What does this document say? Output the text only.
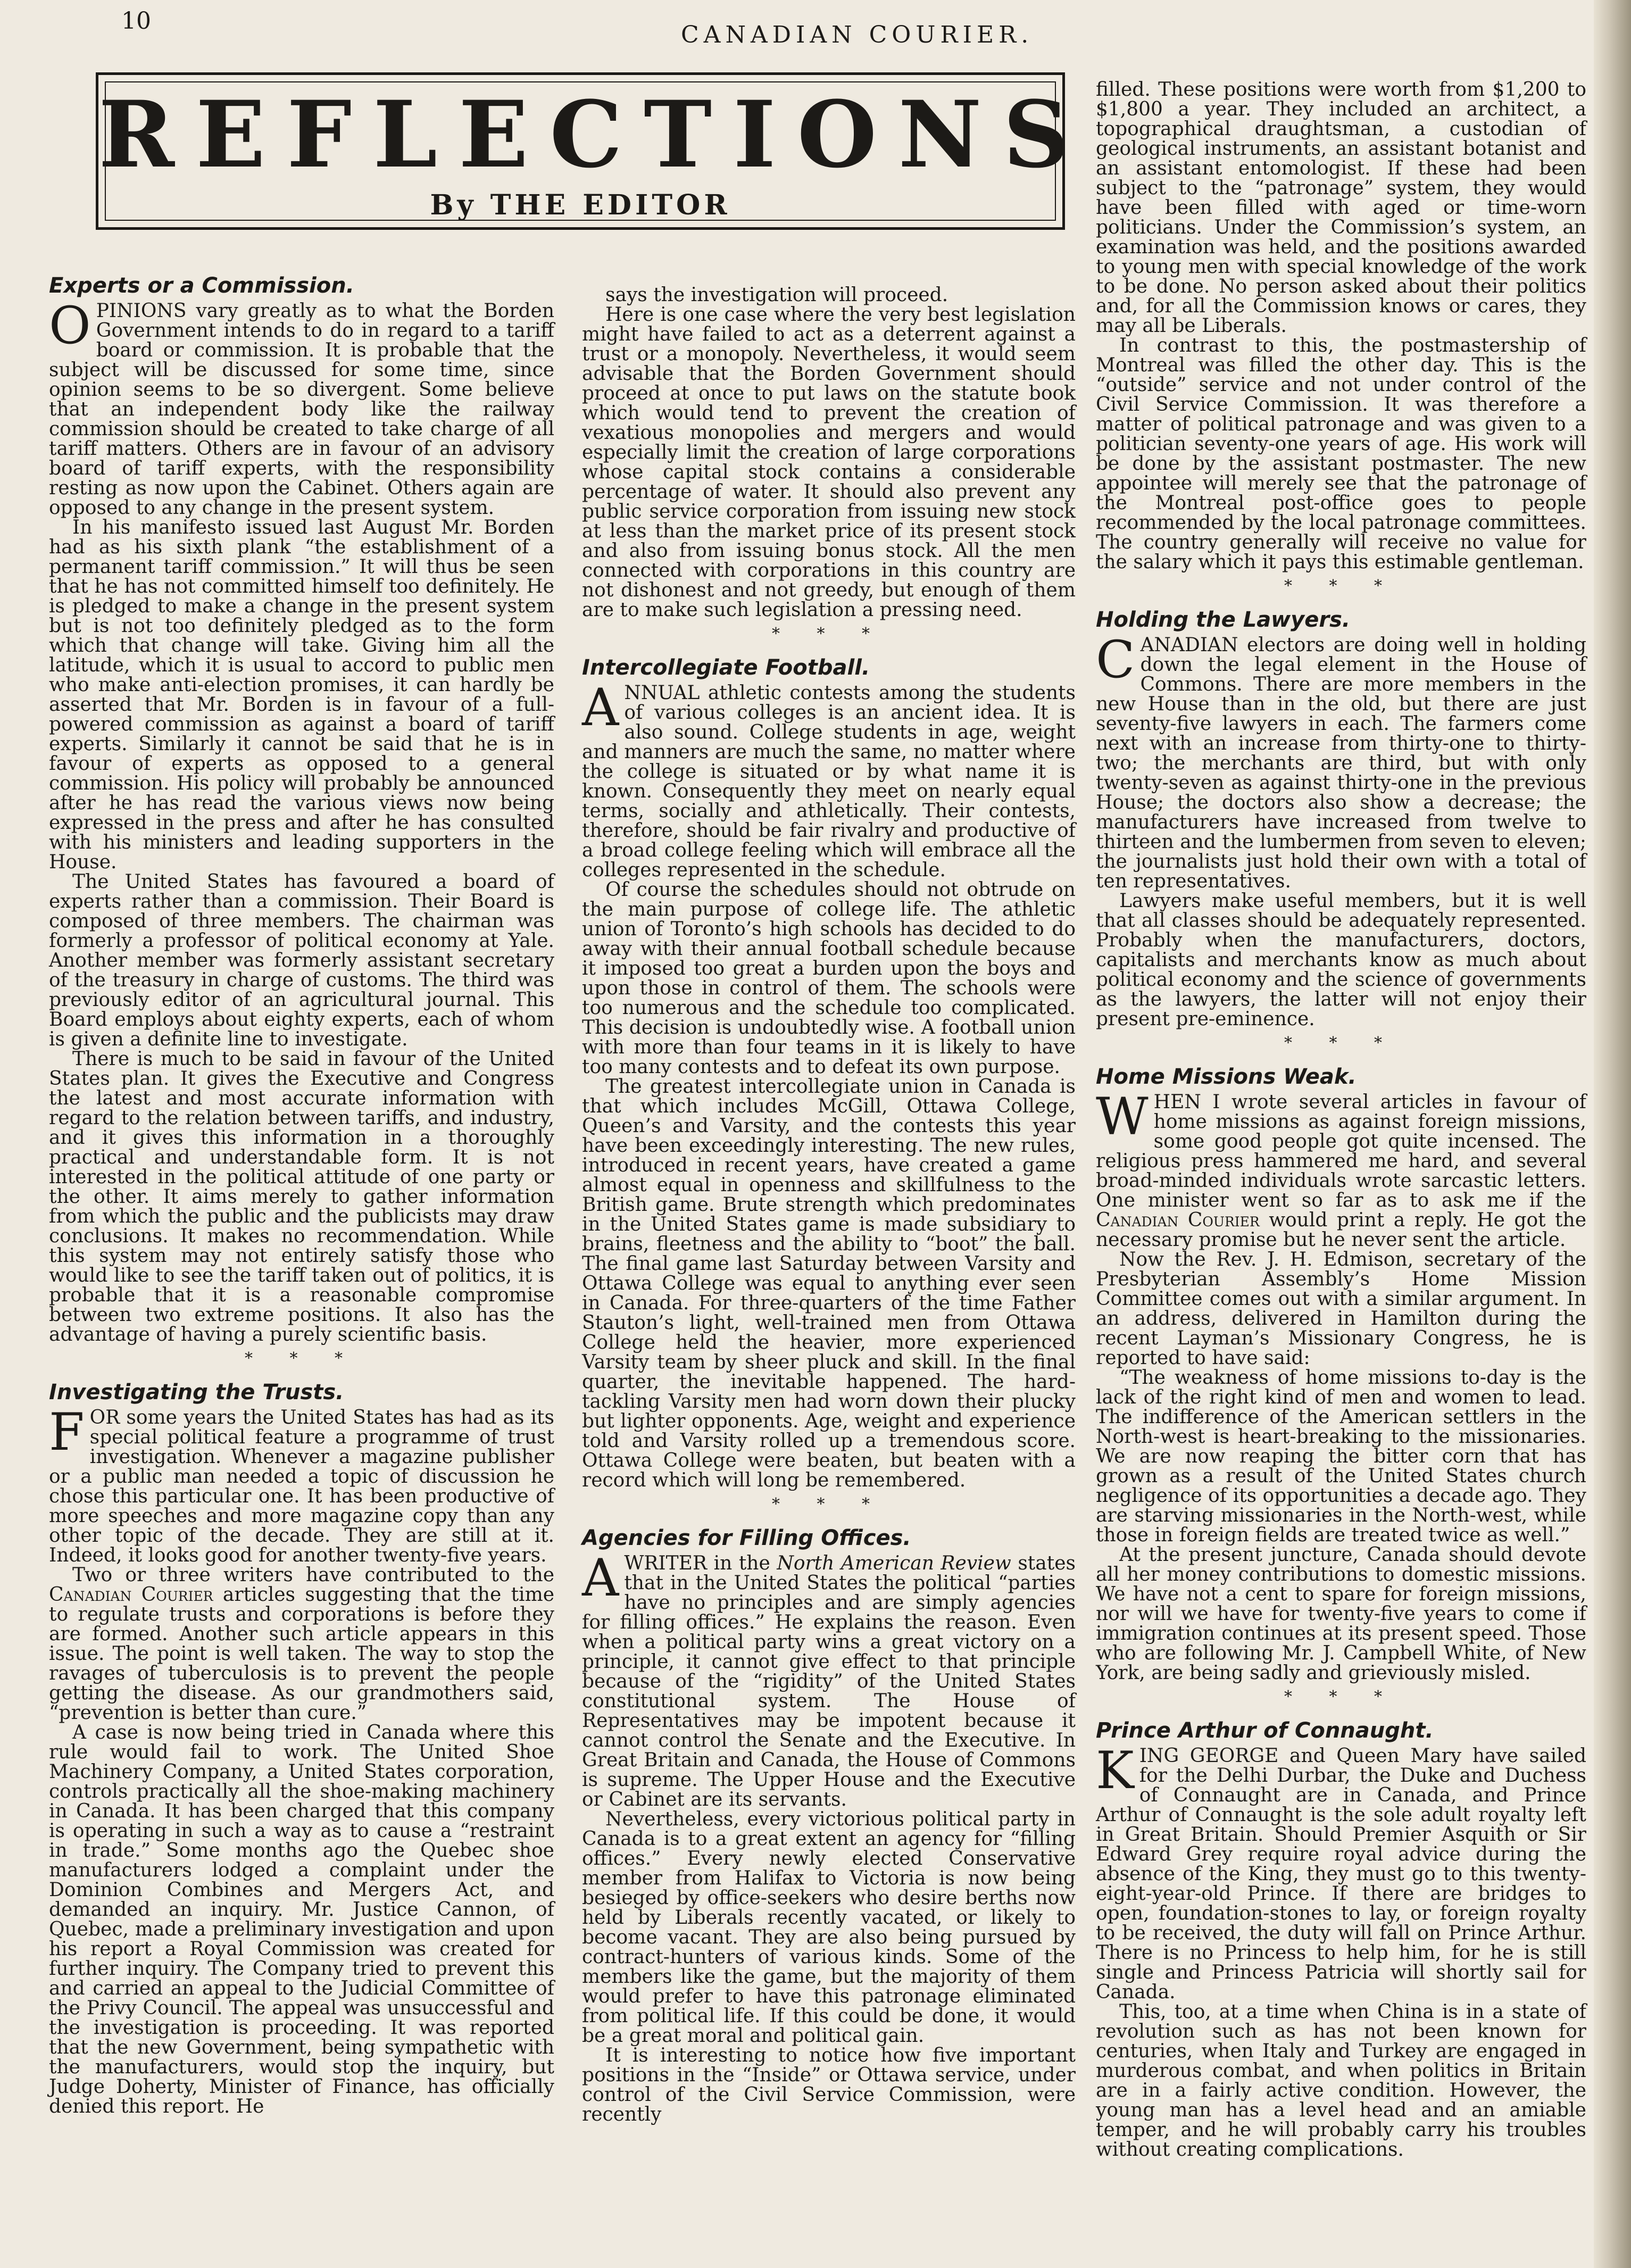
10
CANADIAN COURIER.
REFLECTIONS
By THE EDITOR
Experts or a Commission.

OPINIONS vary greatly as to what the Borden Government intends to do in regard to a tariff board or commission. It is probable that the subject will be discussed for some time, since opinion seems to be so divergent. Some believe that an independent body like the railway commission should be created to take charge of all tariff matters. Others are in favour of an advisory board of tariff experts, with the responsibility resting as now upon the Cabinet. Others again are opposed to any change in the present system.

In his manifesto issued last August Mr. Borden had as his sixth plank “the establishment of a permanent tariff commission.” It will thus be seen that he has not committed himself too definitely. He is pledged to make a change in the present system but is not too definitely pledged as to the form which that change will take. Giving him all the latitude, which it is usual to accord to public men who make anti-election promises, it can hardly be asserted that Mr. Borden is in favour of a full-powered commission as against a board of tariff experts. Similarly it cannot be said that he is in favour of experts as opposed to a general commission. His policy will probably be announced after he has read the various views now being expressed in the press and after he has consulted with his ministers and leading supporters in the House.

The United States has favoured a board of experts rather than a commission. Their Board is composed of three members. The chairman was formerly a professor of political economy at Yale. Another member was formerly assistant secretary of the treasury in charge of customs. The third was previously editor of an agricultural journal. This Board employs about eighty experts, each of whom is given a definite line to investigate.

There is much to be said in favour of the United States plan. It gives the Executive and Congress the latest and most accurate information with regard to the relation between tariffs, and industry, and it gives this information in a thoroughly practical and understandable form. It is not interested in the political attitude of one party or the other. It aims merely to gather information from which the public and the publicists may draw conclusions. It makes no recommendation. While this system may not entirely satisfy those who would like to see the tariff taken out of politics, it is probable that it is a reasonable compromise between two extreme positions. It also has the advantage of having a purely scientific basis.

* * *
Investigating the Trusts.

FOR some years the United States has had as its special political feature a programme of trust investigation. Whenever a magazine publisher or a public man needed a topic of discussion he chose this particular one. It has been productive of more speeches and more magazine copy than any other topic of the decade. They are still at it. Indeed, it looks good for another twenty-five years.

Two or three writers have contributed to the Canadian Courier articles suggesting that the time to regulate trusts and corporations is before they are formed. Another such article appears in this issue. The point is well taken. The way to stop the ravages of tuberculosis is to prevent the people getting the disease. As our grandmothers said, “prevention is better than cure.”

A case is now being tried in Canada where this rule would fail to work. The United Shoe Machinery Company, a United States corporation, controls practically all the shoe-making machinery in Canada. It has been charged that this company is operating in such a way as to cause a “restraint in trade.” Some months ago the Quebec shoe manufacturers lodged a complaint under the Dominion Combines and Mergers Act, and demanded an inquiry. Mr. Justice Cannon, of Quebec, made a preliminary investigation and upon his report a Royal Commission was created for further inquiry. The Company tried to prevent this and carried an appeal to the Judicial Committee of the Privy Council. The appeal was unsuccessful and the investigation is proceeding. It was reported that the new Government, being sympathetic with the manufacturers, would stop the inquiry, but Judge Doherty, Minister of Finance, has officially denied this report. He

says the investigation will proceed.

Here is one case where the very best legislation might have failed to act as a deterrent against a trust or a monopoly. Nevertheless, it would seem advisable that the Borden Government should proceed at once to put laws on the statute book which would tend to prevent the creation of vexatious monopolies and mergers and would especially limit the creation of large corporations whose capital stock contains a considerable percentage of water. It should also prevent any public service corporation from issuing new stock at less than the market price of its present stock and also from issuing bonus stock. All the men connected with corporations in this country are not dishonest and not greedy, but enough of them are to make such legislation a pressing need.

* * *
Intercollegiate Football.

ANNUAL athletic contests among the students of various colleges is an ancient idea. It is also sound. College students in age, weight and manners are much the same, no matter where the college is situated or by what name it is known. Consequently they meet on nearly equal terms, socially and athletically. Their contests, therefore, should be fair rivalry and productive of a broad college feeling which will embrace all the colleges represented in the schedule.

Of course the schedules should not obtrude on the main purpose of college life. The athletic union of Toronto’s high schools has decided to do away with their annual football schedule because it imposed too great a burden upon the boys and upon those in control of them. The schools were too numerous and the schedule too complicated. This decision is undoubtedly wise. A football union with more than four teams in it is likely to have too many contests and to defeat its own purpose.

The greatest intercollegiate union in Canada is that which includes McGill, Ottawa College, Queen’s and Varsity, and the contests this year have been exceedingly interesting. The new rules, introduced in recent years, have created a game almost equal in openness and skillfulness to the British game. Brute strength which predominates in the United States game is made subsidiary to brains, fleetness and the ability to “boot” the ball. The final game last Saturday between Varsity and Ottawa College was equal to anything ever seen in Canada. For three-quarters of the time Father Stauton’s light, well-trained men from Ottawa College held the heavier, more experienced Varsity team by sheer pluck and skill. In the final quarter, the inevitable happened. The hard-tackling Varsity men had worn down their plucky but lighter opponents. Age, weight and experience told and Varsity rolled up a tremendous score. Ottawa College were beaten, but beaten with a record which will long be remembered.

* * *
Agencies for Filling Offices.

A WRITER in the North American Review states that in the United States the political “parties have no principles and are simply agencies for filling offices.” He explains the reason. Even when a political party wins a great victory on a principle, it cannot give effect to that principle because of the “rigidity” of the United States constitutional system. The House of Representatives may be impotent because it cannot control the Senate and the Executive. In Great Britain and Canada, the House of Commons is supreme. The Upper House and the Executive or Cabinet are its servants.

Nevertheless, every victorious political party in Canada is to a great extent an agency for “filling offices.” Every newly elected Conservative member from Halifax to Victoria is now being besieged by office-seekers who desire berths now held by Liberals recently vacated, or likely to become vacant. They are also being pursued by contract-hunters of various kinds. Some of the members like the game, but the majority of them would prefer to have this patronage eliminated from political life. If this could be done, it would be a great moral and political gain.

It is interesting to notice how five important positions in the “Inside” or Ottawa service, under control of the Civil Service Commission, were recently

filled. These positions were worth from $1,200 to $1,800 a year. They included an architect, a topographical draughtsman, a custodian of geological instruments, an assistant botanist and an assistant entomologist. If these had been subject to the “patronage” system, they would have been filled with aged or time-worn politicians. Under the Commission’s system, an examination was held, and the positions awarded to young men with special knowledge of the work to be done. No person asked about their politics and, for all the Commission knows or cares, they may all be Liberals.

In contrast to this, the postmastership of Montreal was filled the other day. This is the “outside” service and not under control of the Civil Service Commission. It was therefore a matter of political patronage and was given to a politician seventy-one years of age. His work will be done by the assistant postmaster. The new appointee will merely see that the patronage of the Montreal post-office goes to people recommended by the local patronage committees. The country generally will receive no value for the salary which it pays this estimable gentleman.

* * *
Holding the Lawyers.

CANADIAN electors are doing well in holding down the legal element in the House of Commons. There are more members in the new House than in the old, but there are just seventy-five lawyers in each. The farmers come next with an increase from thirty-one to thirty-two; the merchants are third, but with only twenty-seven as against thirty-one in the previous House; the doctors also show a decrease; the manufacturers have increased from twelve to thirteen and the lumbermen from seven to eleven; the journalists just hold their own with a total of ten representatives.

Lawyers make useful members, but it is well that all classes should be adequately represented. Probably when the manufacturers, doctors, capitalists and merchants know as much about political economy and the science of governments as the lawyers, the latter will not enjoy their present pre-eminence.

* * *
Home Missions Weak.

WHEN I wrote several articles in favour of home missions as against foreign missions, some good people got quite incensed. The religious press hammered me hard, and several broad-minded individuals wrote sarcastic letters. One minister went so far as to ask me if the Canadian Courier would print a reply. He got the necessary promise but he never sent the article.

Now the Rev. J. H. Edmison, secretary of the Presbyterian Assembly’s Home Mission Committee comes out with a similar argument. In an address, delivered in Hamilton during the recent Layman’s Missionary Congress, he is reported to have said:

“The weakness of home missions to-day is the lack of the right kind of men and women to lead. The indifference of the American settlers in the North-west is heart-breaking to the missionaries. We are now reaping the bitter corn that has grown as a result of the United States church negligence of its opportunities a decade ago. They are starving missionaries in the North-west, while those in foreign fields are treated twice as well.”

At the present juncture, Canada should devote all her money contributions to domestic missions. We have not a cent to spare for foreign missions, nor will we have for twenty-five years to come if immigration continues at its present speed. Those who are following Mr. J. Campbell White, of New York, are being sadly and grieviously misled.

* * *
Prince Arthur of Connaught.

KING GEORGE and Queen Mary have sailed for the Delhi Durbar, the Duke and Duchess of Connaught are in Canada, and Prince Arthur of Connaught is the sole adult royalty left in Great Britain. Should Premier Asquith or Sir Edward Grey require royal advice during the absence of the King, they must go to this twenty-eight-year-old Prince. If there are bridges to open, foundation-stones to lay, or foreign royalty to be received, the duty will fall on Prince Arthur. There is no Princess to help him, for he is still single and Princess Patricia will shortly sail for Canada.

This, too, at a time when China is in a state of revolution such as has not been known for centuries, when Italy and Turkey are engaged in murderous combat, and when politics in Britain are in a fairly active condition. However, the young man has a level head and an amiable temper, and he will probably carry his troubles without creating complications.
